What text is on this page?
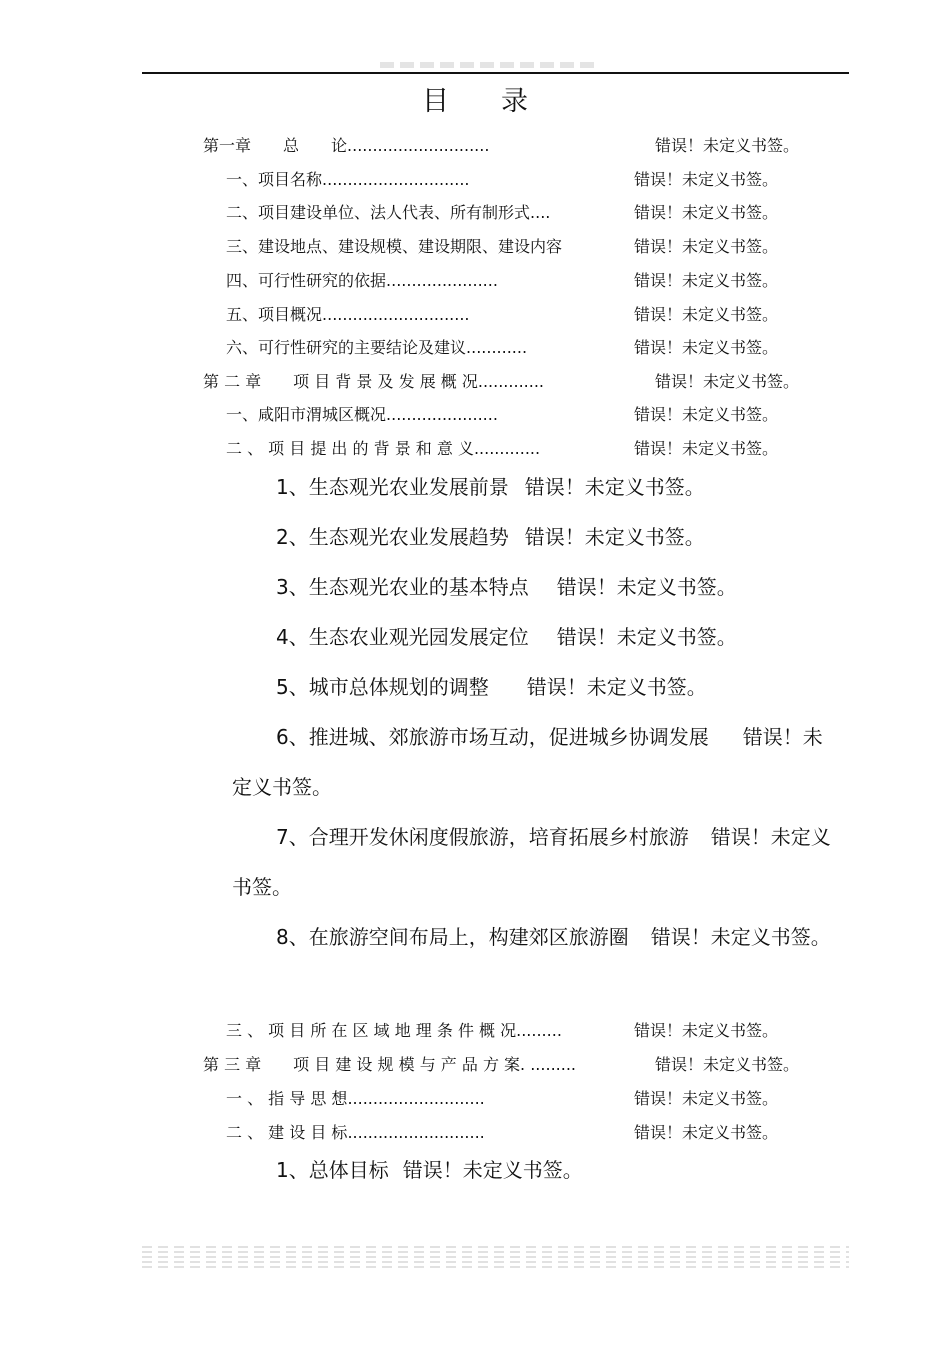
目录
第一章　　总　　论............................	错误！未定义书签。
一、项目名称.............................	错误！未定义书签。
二、项目建设单位、法人代表、所有制形式....	错误！未定义书签。
三、建设地点、建设规模、建设期限、建设内容	错误！未定义书签。
四、可行性研究的依据......................	错误！未定义书签。
五、项目概况.............................	错误！未定义书签。
六、可行性研究的主要结论及建议............	错误！未定义书签。
第 二 章　　项 目 背 景 及 发 展 概 况.............	错误！未定义书签。
一、咸阳市渭城区概况......................	错误！未定义书签。
二 、 项 目 提 出 的 背 景 和 意 义.............	错误！未定义书签。
1、生态观光农业发展前景 错误！未定义书签。
2、生态观光农业发展趋势 错误！未定义书签。
3、生态观光农业的基本特点 错误！未定义书签。
4、生态农业观光园发展定位 错误！未定义书签。
5、城市总体规划的调整 错误！未定义书签。
6、推进城、郊旅游市场互动，促进城乡协调发展 错误！未定义书签。
7、合理开发休闲度假旅游，培育拓展乡村旅游 错误！未定义书签。
8、在旅游空间布局上，构建郊区旅游圈 错误！未定义书签。
三 、 项 目 所 在 区 域 地 理 条 件 概 况.........	错误！未定义书签。
第 三 章　　项 目 建 设 规 模 与 产 品 方 案. .........	错误！未定义书签。
一 、 指 导 思 想...........................	错误！未定义书签。
二 、 建 设 目 标...........................	错误！未定义书签。
1、总体目标 错误！未定义书签。
